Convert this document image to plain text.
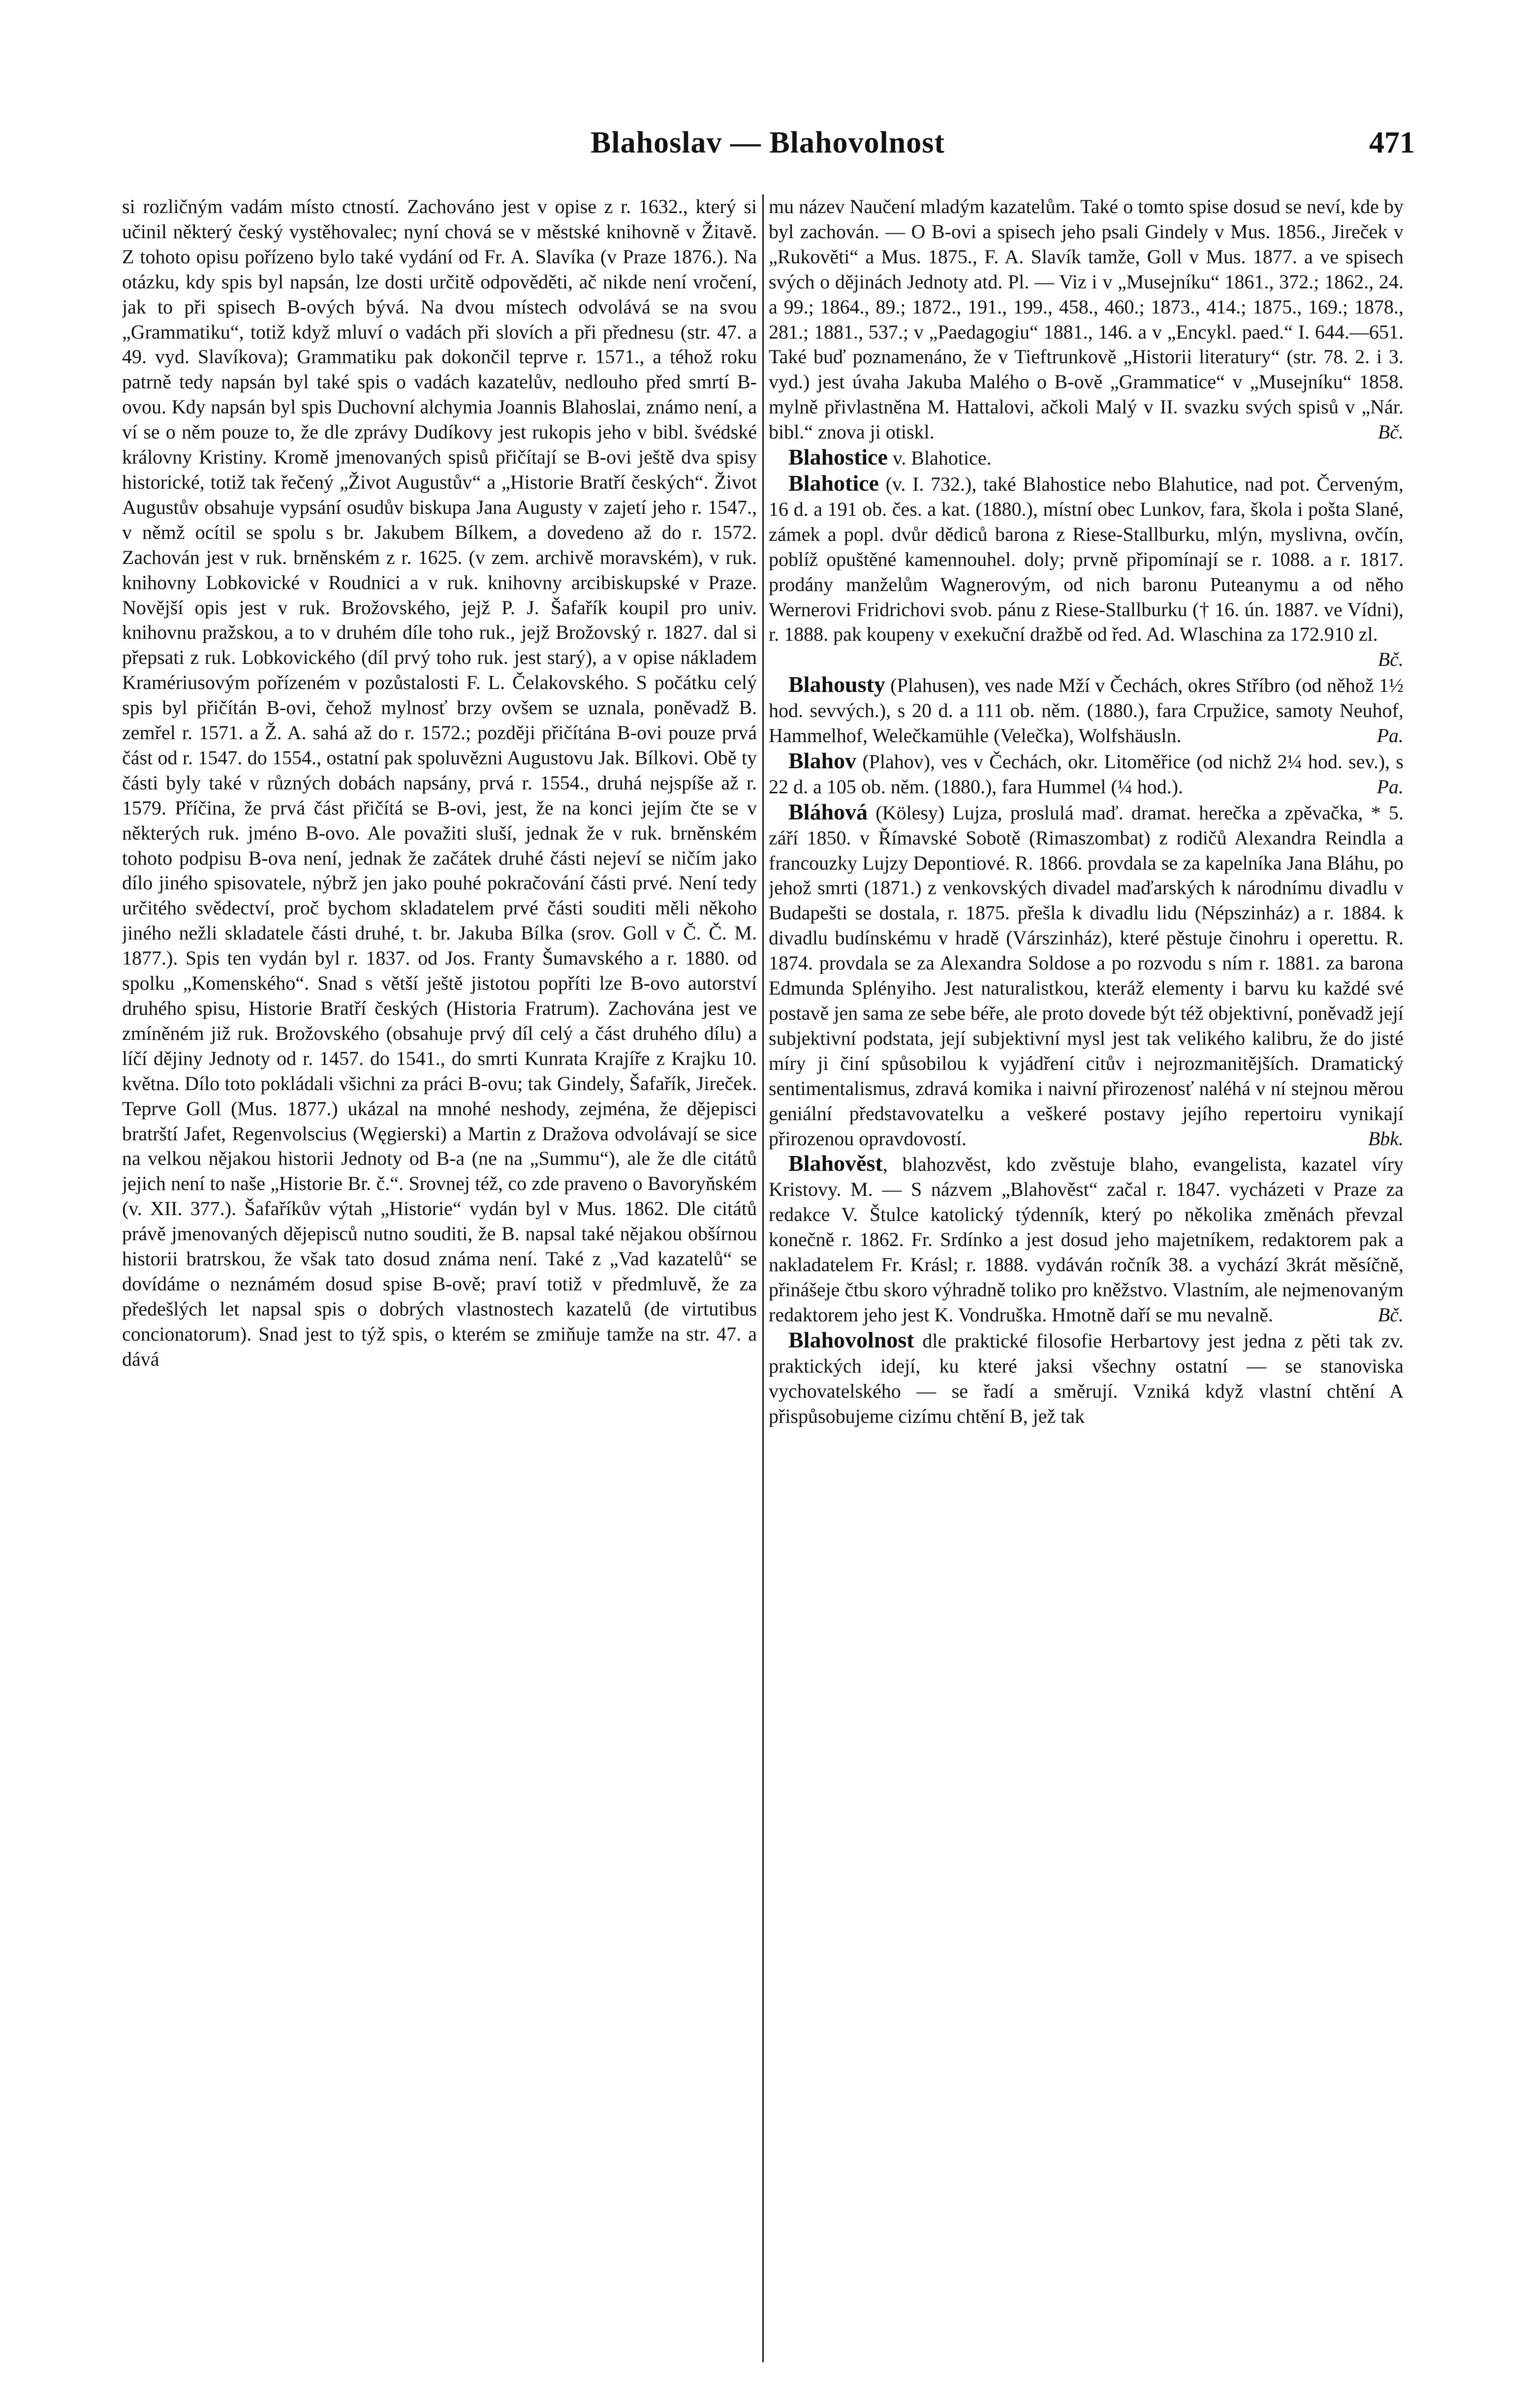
Blahoslav — Blahovolnost	471

si rozličným vadám místo ctností. Zachováno jest v opise z r. 1632., který si učinil některý český vystěhovalec; nyní chová se v městské knihovně v Žitavě. Z tohoto opisu pořízeno bylo také vydání od Fr. A. Slavíka (v Praze 1876.). Na otázku, kdy spis byl napsán, lze dosti určitě odpověděti, ač nikde není vročení, jak to při spisech B-ových bývá. Na dvou místech odvolává se na svou „Grammatiku“, totiž když mluví o vadách při slovích a při přednesu (str. 47. a 49. vyd. Slavíkova); Grammatiku pak dokončil teprve r. 1571., a téhož roku patrně tedy napsán byl také spis o vadách kazatelův, nedlouho před smrtí B-ovou. Kdy napsán byl spis Duchovní alchymia Joannis Blahoslai, známo není, a ví se o něm pouze to, že dle zprávy Dudíkovy jest rukopis jeho v bibl. švédské královny Kristiny. Kromě jmenovaných spisů přičítají se B-ovi ještě dva spisy historické, totiž tak řečený „Život Augustův“ a „Historie Bratří českých“. Život Augustův obsahuje vypsání osudův biskupa Jana Augusty v zajetí jeho r. 1547., v němž ocítil se spolu s br. Jakubem Bílkem, a dovedeno až do r. 1572. Zachován jest v ruk. brněnském z r. 1625. (v zem. archivě moravském), v ruk. knihovny Lobkovické v Roudnici a v ruk. knihovny arcibiskupské v Praze. Novější opis jest v ruk. Brožovského, jejž P. J. Šafařík koupil pro univ. knihovnu pražskou, a to v druhém díle toho ruk., jejž Brožovský r. 1827. dal si přepsati z ruk. Lobkovického (díl prvý toho ruk. jest starý), a v opise nákladem Kramériusovým pořízeném v pozůstalosti F. L. Čelakovského. S počátku celý spis byl přičítán B-ovi, čehož mylnosť brzy ovšem se uznala, poněvadž B. zemřel r. 1571. a Ž. A. sahá až do r. 1572.; později přičítána B-ovi pouze prvá část od r. 1547. do 1554., ostatní pak spoluvězni Augustovu Jak. Bílkovi. Obě ty části byly také v různých dobách napsány, prvá r. 1554., druhá nejspíše až r. 1579. Příčina, že prvá část přičítá se B-ovi, jest, že na konci jejím čte se v některých ruk. jméno B-ovo. Ale považiti sluší, jednak že v ruk. brněnském tohoto podpisu B-ova není, jednak že začátek druhé části nejeví se ničím jako dílo jiného spisovatele, nýbrž jen jako pouhé pokračování části prvé. Není tedy určitého svědectví, proč bychom skladatelem prvé části souditi měli někoho jiného nežli skladatele části druhé, t. br. Jakuba Bílka (srov. Goll v Č. Č. M. 1877.). Spis ten vydán byl r. 1837. od Jos. Franty Šumavského a r. 1880. od spolku „Komenského“. Snad s větší ještě jistotou popříti lze B-ovo autorství druhého spisu, Historie Bratří českých (Historia Fratrum). Zachována jest ve zmíněném již ruk. Brožovského (obsahuje prvý díl celý a část druhého dílu) a líčí dějiny Jednoty od r. 1457. do 1541., do smrti Kunrata Krajíře z Krajku 10. května. Dílo toto pokládali všichni za práci B-ovu; tak Gindely, Šafařík, Jireček. Teprve Goll (Mus. 1877.) ukázal na mnohé neshody, zejména, že dějepisci bratrští Jafet, Regenvolscius (Węgierski) a Martin z Dražova odvolávají se sice na velkou nějakou historii Jednoty od B-a (ne na „Summu“), ale že dle citátů jejich není to naše „Historie Br. č.“. Srovnej též, co zde praveno o Bavoryňském (v. XII. 377.). Šafaříkův výtah „Historie“ vydán byl v Mus. 1862. Dle citátů právě jmenovaných dějepisců nutno souditi, že B. napsal také nějakou obšírnou historii bratrskou, že však tato dosud známa není. Také z „Vad kazatelů“ se dovídáme o neznámém dosud spise B-ově; praví totiž v předmluvě, že za předešlých let napsal spis o dobrých vlastnostech kazatelů (de virtutibus concionatorum). Snad jest to týž spis, o kterém se zmiňuje tamže na str. 47. a dává

mu název Naučení mladým kazatelům. Také o tomto spise dosud se neví, kde by byl zachován. — O B-ovi a spisech jeho psali Gindely v Mus. 1856., Jireček v „Rukověti“ a Mus. 1875., F. A. Slavík tamže, Goll v Mus. 1877. a ve spisech svých o dějinách Jednoty atd. Pl. — Viz i v „Musejníku“ 1861., 372.; 1862., 24. a 99.; 1864., 89.; 1872., 191., 199., 458., 460.; 1873., 414.; 1875., 169.; 1878., 281.; 1881., 537.; v „Paedagogiu“ 1881., 146. a v „Encykl. paed.“ I. 644.—651. Také buď poznamenáno, že v Tieftrunkově „Historii literatury“ (str. 78. 2. i 3. vyd.) jest úvaha Jakuba Malého o B-ově „Grammatice“ v „Musejníku“ 1858. mylně přivlastněna M. Hattalovi, ačkoli Malý v II. svazku svých spisů v „Nár. bibl.“ znova ji otiskl.	Bč.

Blahostice v. Blahotice.

Blahotice (v. I. 732.), také Blahostice nebo Blahutice, nad pot. Červeným, 16 d. a 191 ob. čes. a kat. (1880.), místní obec Lunkov, fara, škola i pošta Slané, zámek a popl. dvůr dědiců barona z Riese-Stallburku, mlýn, myslivna, ovčín, poblíž opuštěné kamennouhel. doly; prvně připomínají se r. 1088. a r. 1817. prodány manželům Wagnerovým, od nich baronu Puteanymu a od něho Wernerovi Fridrichovi svob. pánu z Riese-Stallburku († 16. ún. 1887. ve Vídni), r. 1888. pak koupeny v exekuční dražbě od řed. Ad. Wlaschina za 172.910 zl.
Bč.

Blahousty (Plahusen), ves nade Mží v Čechách, okres Stříbro (od něhož 1½ hod. sevvých.), s 20 d. a 111 ob. něm. (1880.), fara Crpužice, samoty Neuhof, Hammelhof, Welečkamühle (Velečka), Wolfshäusln.	Pa.

Blahov (Plahov), ves v Čechách, okr. Litoměřice (od nichž 2¼ hod. sev.), s 22 d. a 105 ob. něm. (1880.), fara Hummel (¼ hod.).	Pa.

Bláhová (Kölesy) Lujza, proslulá maď. dramat. herečka a zpěvačka, * 5. září 1850. v Římavské Sobotě (Rimaszombat) z rodičů Alexandra Reindla a francouzky Lujzy Depontiové. R. 1866. provdala se za kapelníka Jana Bláhu, po jehož smrti (1871.) z venkovských divadel maďarských k národnímu divadlu v Budapešti se dostala, r. 1875. přešla k divadlu lidu (Népszinház) a r. 1884. k divadlu budínskému v hradě (Várszinház), které pěstuje činohru i operettu. R. 1874. provdala se za Alexandra Soldose a po rozvodu s ním r. 1881. za barona Edmunda Splényiho. Jest naturalistkou, kteráž elementy i barvu ku každé své postavě jen sama ze sebe béře, ale proto dovede být též objektivní, poněvadž její subjektivní podstata, její subjektivní mysl jest tak velikého kalibru, že do jisté míry ji činí spůsobilou k vyjádření citův i nejrozmanitějších. Dramatický sentimentalismus, zdravá komika i naivní přirozenosť naléhá v ní stejnou měrou geniální představovatelku a veškeré postavy jejího repertoiru vynikají přirozenou opravdovostí.	Bbk.

Blahověst, blahozvěst, kdo zvěstuje blaho, evangelista, kazatel víry Kristovy. M. — S názvem „Blahověst“ začal r. 1847. vycházeti v Praze za redakce V. Štulce katolický týdenník, který po několika změnách převzal konečně r. 1862. Fr. Srdínko a jest dosud jeho majetníkem, redaktorem pak a nakladatelem Fr. Krásl; r. 1888. vydáván ročník 38. a vychází 3krát měsíčně, přinášeje čtbu skoro výhradně toliko pro kněžstvo. Vlastním, ale nejmenovaným redaktorem jeho jest K. Vondruška. Hmotně daří se mu nevalně.	Bč.

Blahovolnost dle praktické filosofie Herbartovy jest jedna z pěti tak zv. praktických idejí, ku které jaksi všechny ostatní — se stanoviska vychovatelského — se řadí a směrují. Vzniká když vlastní chtění A přispůsobujeme cizímu chtění B, jež tak
